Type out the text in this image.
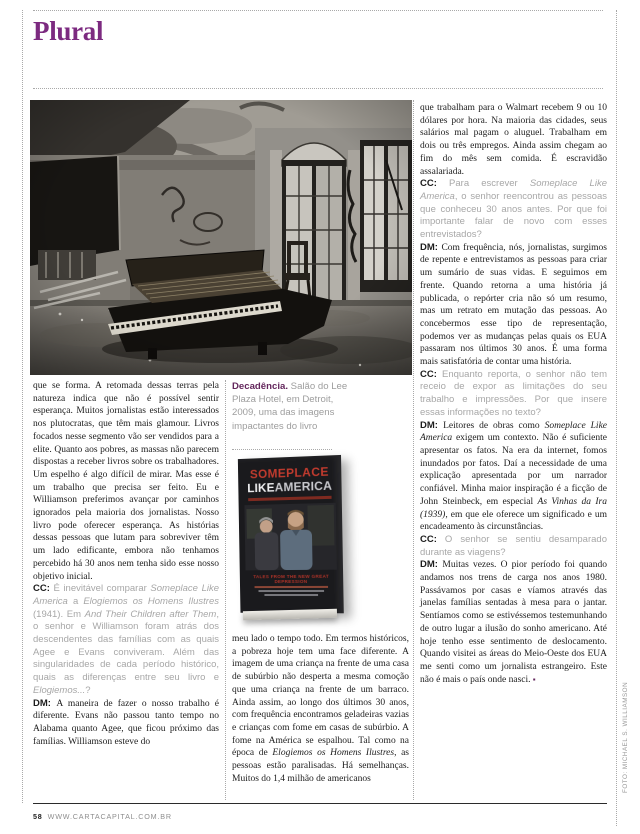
Plural

que se forma. A retomada dessas terras pela natureza indica que não é possível sentir esperança. Muitos jornalistas estão interessados nos plutocratas, que têm mais glamour. Livros focados nesse segmento vão ser vendidos para a elite. Quanto aos pobres, as massas não parecem dispostas a receber livros sobre os trabalhadores. Um espelho é algo difícil de mirar. Mas esse é um trabalho que precisa ser feito. Eu e Williamson preferimos avançar por caminhos ignorados pela maioria dos jornalistas. Nosso livro pode oferecer esperança. As histórias dessas pessoas que lutam para sobreviver têm um lado edificante, embora não tenhamos percebido há 30 anos nem tenha sido esse nosso objetivo inicial.

CC: É inevitável comparar Someplace Like America a Elogiemos os Homens Ilustres (1941). Em And Their Children after Them, o senhor e Williamson foram atrás dos descendentes das famílias com as quais Agee e Evans conviveram. Além das singularidades de cada período histórico, quais as diferenças entre seu livro e Elogiemos...?

DM: A maneira de fazer o nosso trabalho é diferente. Evans não passou tanto tempo no Alabama quanto Agee, que ficou próximo das famílias. Williamson esteve do

Decadência. Salão do Lee Plaza Hotel, em Detroit, 2009, uma das imagens impactantes do livro

SOMEPLACE
LIKEAMERICA
TALES FROM THE NEW GREAT DEPRESSION

meu lado o tempo todo. Em termos históricos, a pobreza hoje tem uma face diferente. A imagem de uma criança na frente de uma casa de subúrbio não desperta a mesma comoção que uma criança na frente de um barraco. Ainda assim, ao longo dos últimos 30 anos, com frequência encontramos geladeiras vazias e crianças com fome em casas de subúrbio. A fome na América se espalhou. Tal como na época de Elogiemos os Homens Ilustres, as pessoas estão paralisadas. Há semelhanças. Muitos do 1,4 milhão de americanos

que trabalham para o Walmart recebem 9 ou 10 dólares por hora. Na maioria das cidades, seus salários mal pagam o aluguel. Trabalham em dois ou três empregos. Ainda assim chegam ao fim do mês sem comida. É escravidão assalariada.

CC: Para escrever Someplace Like America, o senhor reencontrou as pessoas que conheceu 30 anos antes. Por que foi importante falar de novo com esses entrevistados?

DM: Com frequência, nós, jornalistas, surgimos de repente e entrevistamos as pessoas para criar um sumário de suas vidas. E seguimos em frente. Quando retorna a uma história já publicada, o repórter cria não só um resumo, mas um retrato em mutação das pessoas. Ao concebermos esse tipo de representação, podemos ver as mudanças pelas quais os EUA passaram nos últimos 30 anos. É uma forma mais satisfatória de contar uma história.

CC: Enquanto reporta, o senhor não tem receio de expor as limitações do seu trabalho e impressões. Por que insere essas informações no texto?

DM: Leitores de obras como Someplace Like America exigem um contexto. Não é suficiente apresentar os fatos. Na era da internet, fomos inundados por fatos. Daí a necessidade de uma explicação apresentada por um narrador confiável. Minha maior inspiração é a ficção de John Steinbeck, em especial As Vinhas da Ira (1939), em que ele oferece um significado e um encadeamento às circunstâncias.

CC: O senhor se sentiu desamparado durante as viagens?

DM: Muitas vezes. O pior período foi quando andamos nos trens de carga nos anos 1980. Passávamos por casas e víamos através das janelas famílias sentadas à mesa para o jantar. Sentíamos como se estivéssemos testemunhando de outro lugar a ilusão do sonho americano. Até hoje tenho esse sentimento de deslocamento. Quando visitei as áreas do Meio-Oeste dos EUA me senti como um jornalista estrangeiro. Este não é mais o país onde nasci. ▪

58 WWW.CARTACAPITAL.COM.BR
FOTO: MICHAEL S. WILLIAMSON
